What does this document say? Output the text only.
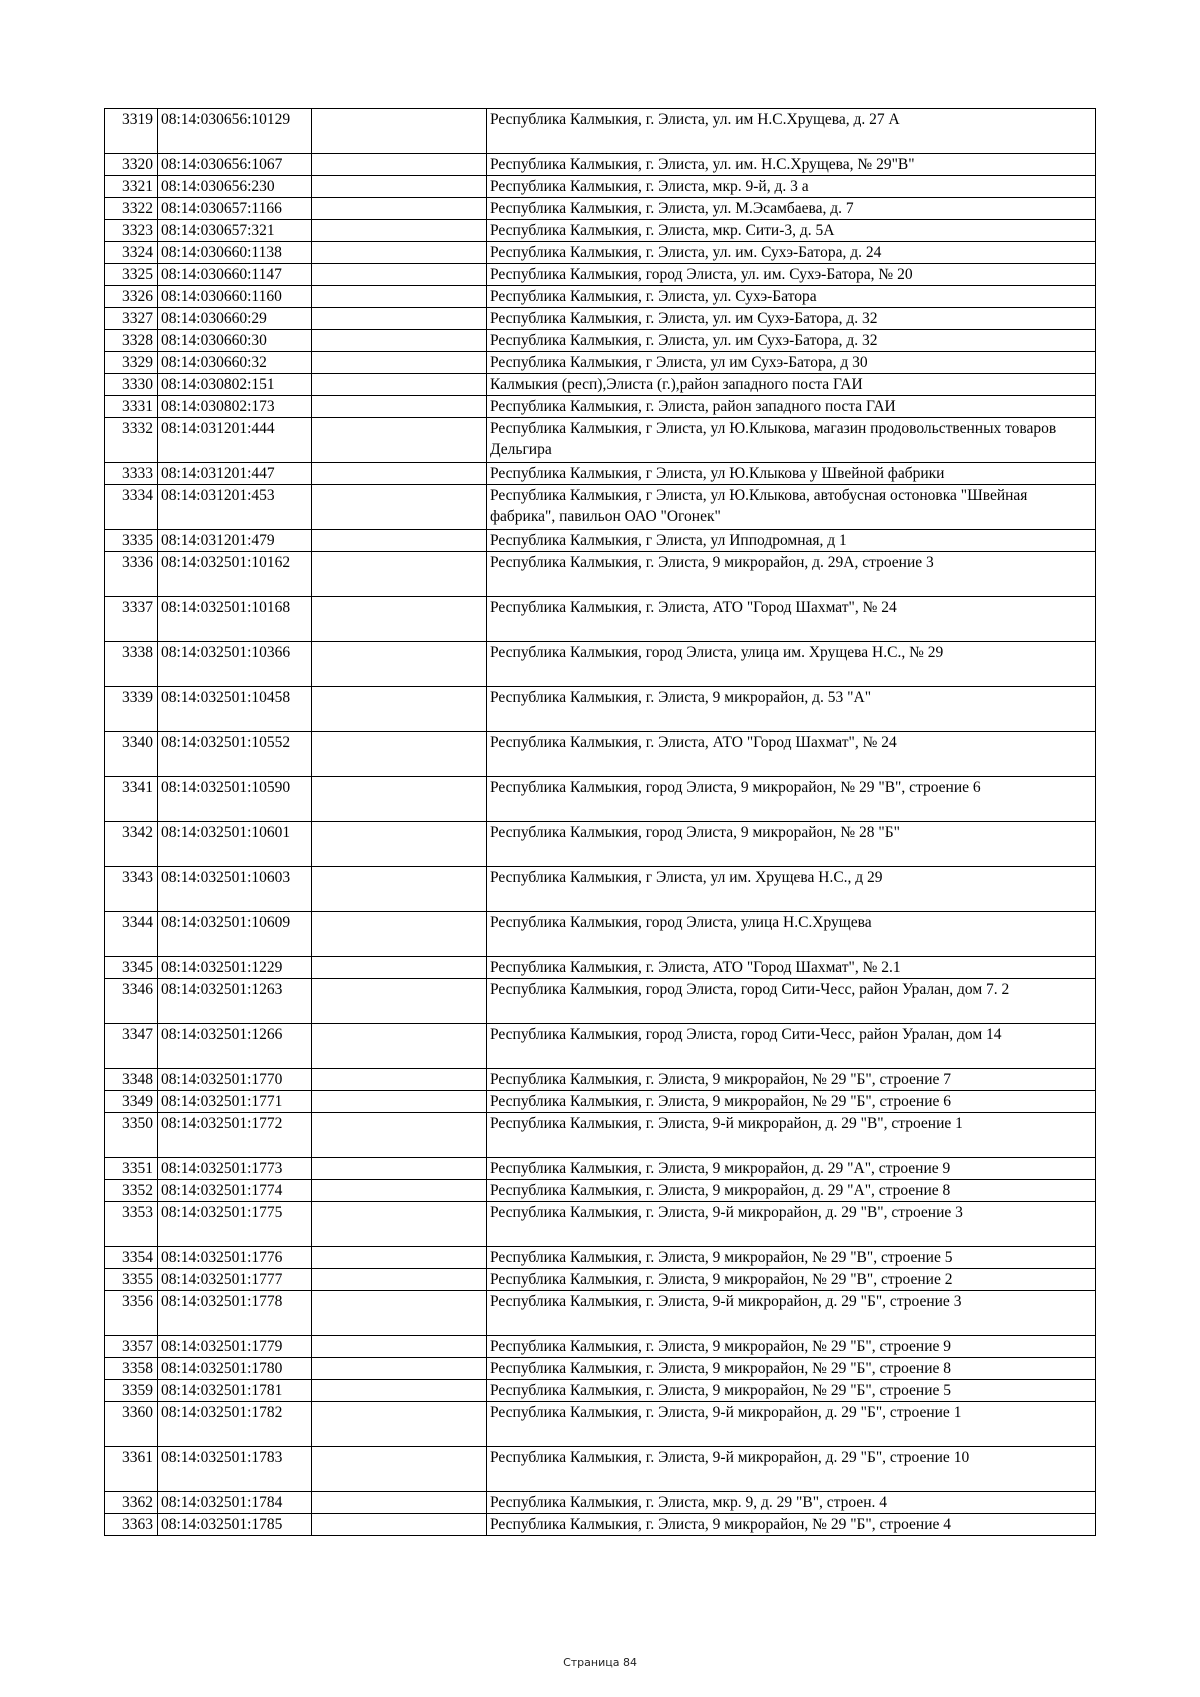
3319	08:14:030656:10129		Республика Калмыкия, г. Элиста, ул. им Н.С.Хрущева, д. 27 А
3320	08:14:030656:1067		Республика Калмыкия, г. Элиста, ул. им. Н.С.Хрущева, № 29"В"
3321	08:14:030656:230		Республика Калмыкия, г. Элиста, мкр. 9-й, д. 3 а
3322	08:14:030657:1166		Республика Калмыкия, г. Элиста, ул. М.Эсамбаева, д. 7
3323	08:14:030657:321		Республика Калмыкия, г. Элиста, мкр. Сити-3, д. 5А
3324	08:14:030660:1138		Республика Калмыкия, г. Элиста, ул. им. Сухэ-Батора, д. 24
3325	08:14:030660:1147		Республика Калмыкия, город Элиста, ул. им. Сухэ-Батора, № 20
3326	08:14:030660:1160		Республика Калмыкия, г. Элиста, ул. Сухэ-Батора
3327	08:14:030660:29		Республика Калмыкия, г. Элиста, ул. им Сухэ-Батора, д. 32
3328	08:14:030660:30		Республика Калмыкия, г. Элиста, ул. им Сухэ-Батора, д. 32
3329	08:14:030660:32		Республика Калмыкия, г Элиста, ул им Сухэ-Батора, д 30
3330	08:14:030802:151		Калмыкия (респ),Элиста (г.),район западного поста ГАИ
3331	08:14:030802:173		Республика Калмыкия, г. Элиста, район западного поста ГАИ
3332	08:14:031201:444		Республика Калмыкия, г Элиста, ул Ю.Клыкова, магазин продовольственных товаров Дельгира
3333	08:14:031201:447		Республика Калмыкия, г Элиста, ул Ю.Клыкова у Швейной фабрики
3334	08:14:031201:453		Республика Калмыкия, г Элиста, ул Ю.Клыкова, автобусная остоновка "Швейная фабрика", павильон ОАО "Огонек"
3335	08:14:031201:479		Республика Калмыкия, г Элиста, ул Ипподромная, д 1
3336	08:14:032501:10162		Республика Калмыкия, г. Элиста, 9 микрорайон, д. 29А, строение 3
3337	08:14:032501:10168		Республика Калмыкия, г. Элиста, АТО "Город Шахмат", № 24
3338	08:14:032501:10366		Республика Калмыкия, город Элиста, улица им. Хрущева Н.С., № 29
3339	08:14:032501:10458		Республика Калмыкия, г. Элиста, 9 микрорайон, д. 53 "А"
3340	08:14:032501:10552		Республика Калмыкия, г. Элиста, АТО "Город Шахмат", № 24
3341	08:14:032501:10590		Республика Калмыкия, город Элиста, 9 микрорайон, № 29 "В", строение 6
3342	08:14:032501:10601		Республика Калмыкия, город Элиста, 9 микрорайон, № 28 "Б"
3343	08:14:032501:10603		Республика Калмыкия, г Элиста, ул им. Хрущева Н.С., д 29
3344	08:14:032501:10609		Республика Калмыкия, город Элиста, улица Н.С.Хрущева
3345	08:14:032501:1229		Республика Калмыкия, г. Элиста, АТО "Город Шахмат", № 2.1
3346	08:14:032501:1263		Республика Калмыкия, город Элиста, город Сити-Чесс, район Уралан, дом 7. 2
3347	08:14:032501:1266		Республика Калмыкия, город Элиста, город Сити-Чесс, район Уралан, дом 14
3348	08:14:032501:1770		Республика Калмыкия, г. Элиста, 9 микрорайон, № 29 "Б", строение 7
3349	08:14:032501:1771		Республика Калмыкия, г. Элиста, 9 микрорайон, № 29 "Б", строение 6
3350	08:14:032501:1772		Республика Калмыкия, г. Элиста, 9-й микрорайон, д. 29 "В", строение 1
3351	08:14:032501:1773		Республика Калмыкия, г. Элиста, 9 микрорайон, д. 29 "А", строение 9
3352	08:14:032501:1774		Республика Калмыкия, г. Элиста, 9 микрорайон, д. 29 "А", строение 8
3353	08:14:032501:1775		Республика Калмыкия, г. Элиста, 9-й микрорайон, д. 29 "В", строение 3
3354	08:14:032501:1776		Республика Калмыкия, г. Элиста, 9 микрорайон, № 29 "В", строение 5
3355	08:14:032501:1777		Республика Калмыкия, г. Элиста, 9 микрорайон, № 29 "В", строение 2
3356	08:14:032501:1778		Республика Калмыкия, г. Элиста, 9-й микрорайон, д. 29 "Б", строение 3
3357	08:14:032501:1779		Республика Калмыкия, г. Элиста, 9 микрорайон, № 29 "Б", строение 9
3358	08:14:032501:1780		Республика Калмыкия, г. Элиста, 9 микрорайон, № 29 "Б", строение 8
3359	08:14:032501:1781		Республика Калмыкия, г. Элиста, 9 микрорайон, № 29 "Б", строение 5
3360	08:14:032501:1782		Республика Калмыкия, г. Элиста, 9-й микрорайон, д. 29 "Б", строение 1
3361	08:14:032501:1783		Республика Калмыкия, г. Элиста, 9-й микрорайон, д. 29 "Б", строение 10
3362	08:14:032501:1784		Республика Калмыкия, г. Элиста, мкр. 9, д. 29 "В", строен. 4
3363	08:14:032501:1785		Республика Калмыкия, г. Элиста, 9 микрорайон, № 29 "Б", строение 4
Страница 84
